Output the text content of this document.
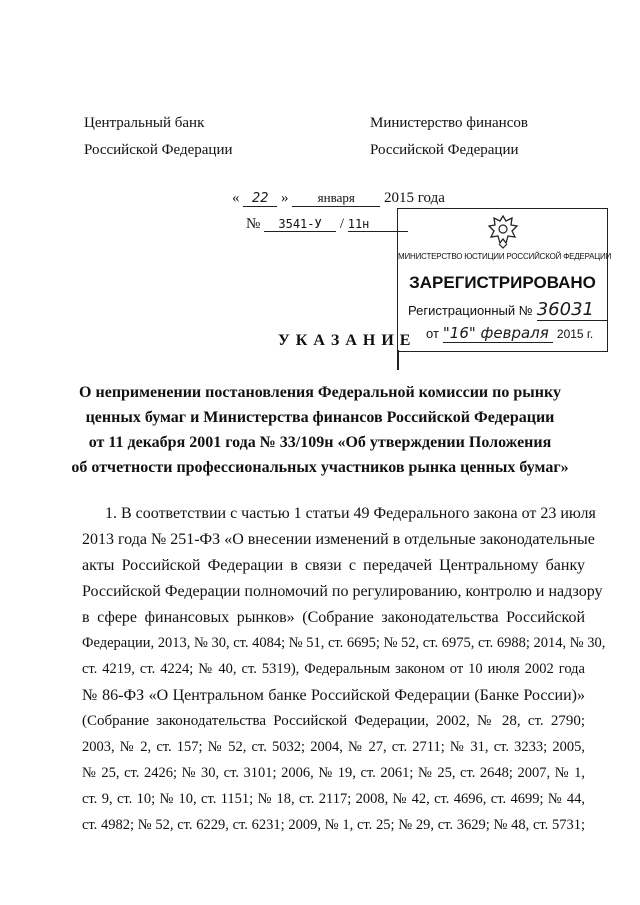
Центральный банк
Российской Федерации
Министерство финансов
Российской Федерации
« 22 » января 2015 года
№ 3541-У / 11н
МИНИСТЕРСТВО ЮСТИЦИИ РОССИЙСКОЙ ФЕДЕРАЦИИ
ЗАРЕГИСТРИРОВАНО
Регистрационный № 36031
от "16" февраля 2015 г.
У К А З А Н И Е
О неприменении постановления Федеральной комиссии по рынку
ценных бумаг и Министерства финансов Российской Федерации
от 11 декабря 2001 года № 33/109н «Об утверждении Положения
об отчетности профессиональных участников рынка ценных бумаг»
1. В соответствии с частью 1 статьи 49 Федерального закона от 23 июля
2013 года № 251-ФЗ «О внесении изменений в отдельные законодательные
акты Российской Федерации в связи с передачей Центральному банку
Российской Федерации полномочий по регулированию, контролю и надзору
в сфере финансовых рынков» (Собрание законодательства Российской
Федерации, 2013, № 30, ст. 4084; № 51, ст. 6695; № 52, ст. 6975, ст. 6988; 2014, № 30,
ст. 4219, ст. 4224; № 40, ст. 5319), Федеральным законом от 10 июля 2002 года
№ 86-ФЗ «О Центральном банке Российской Федерации (Банке России)»
(Собрание законодательства Российской Федерации, 2002, № 28, ст. 2790;
2003, № 2, ст. 157; № 52, ст. 5032; 2004, № 27, ст. 2711; № 31, ст. 3233; 2005,
№ 25, ст. 2426; № 30, ст. 3101; 2006, № 19, ст. 2061; № 25, ст. 2648; 2007, № 1,
ст. 9, ст. 10; № 10, ст. 1151; № 18, ст. 2117; 2008, № 42, ст. 4696, ст. 4699; № 44,
ст. 4982; № 52, ст. 6229, ст. 6231; 2009, № 1, ст. 25; № 29, ст. 3629; № 48, ст. 5731;
